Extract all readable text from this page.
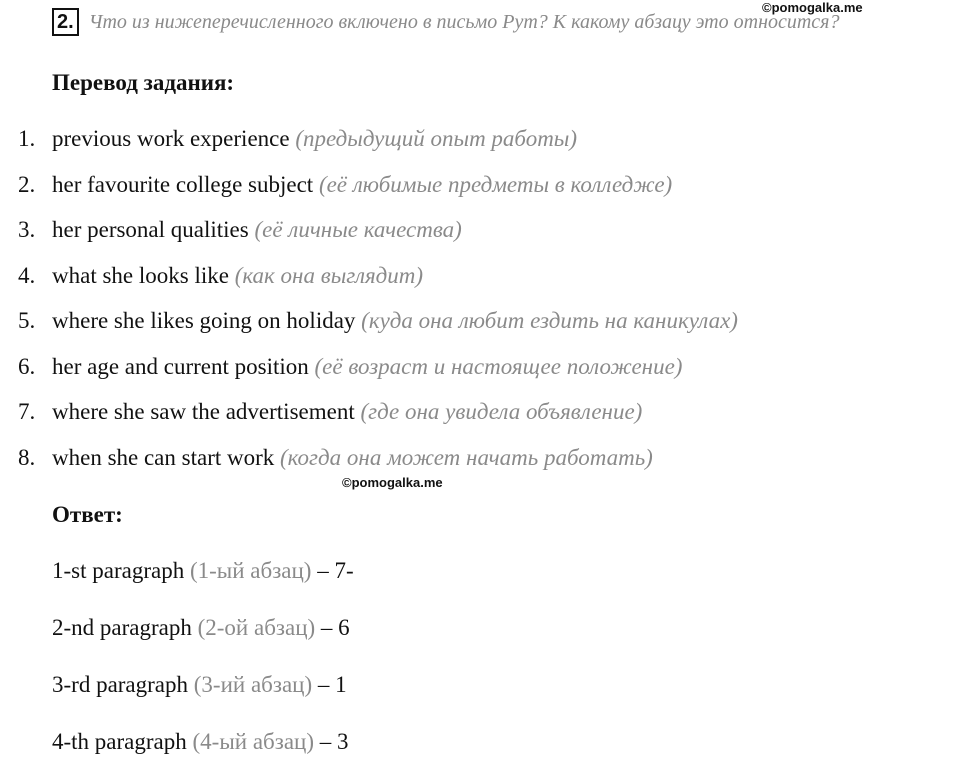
©pomogalka.me
2. Что из нижеперечисленного включено в письмо Рут? К какому абзацу это относится?
Перевод задания:
1. previous work experience (предыдущий опыт работы)
2. her favourite college subject (её любимые предметы в колледже)
3. her personal qualities (её личные качества)
4. what she looks like (как она выглядит)
5. where she likes going on holiday (куда она любит ездить на каникулах)
6. her age and current position (её возраст и настоящее положение)
7. where she saw the advertisement (где она увидела объявление)
8. when she can start work (когда она может начать работать)
©pomogalka.me
Ответ:
1-st paragraph (1-ый абзац) – 7-
2-nd paragraph (2-ой абзац) – 6
3-rd paragraph (3-ий абзац) – 1
4-th paragraph (4-ый абзац) – 3
